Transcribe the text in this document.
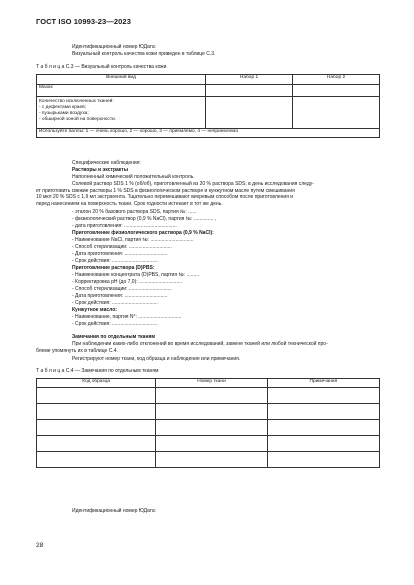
ГОСТ ISO 10993-23—2023
Идентификационный номер ЮДата:
Визуальный контроль качества кожи приведен в таблице С.3.
Т а б л и ц а С.3 — Визуальный контроль качества кожи
Внешний вид	Набор 1	Набор 2
Мазок		
Количество исключенных тканей:
- с дефектами краев;
- пузырьками воздуха;
- обширной зоной на поверхности.		
Используйте баллы: 1 — очень хорошо, 2 — хорошо, 3 — приемлемо, 4 — неприемлемо		
Специфические наблюдения:
Растворы и экстракты
Наполненный химический положительный контроль.
Солевой раствор SDS 1 % (об/об), приготовленный из 20 % раствора SDS: в день исследования следу-
ет приготовить свежие растворы 1 % SDS в физиологическом растворе и кунжутном масле путем смешивания
10 мкл 20 % SDS с 1,9 мл экстрагента. Тщательно перемешивают вихревым способом после приготовления и
перед нанесением на поверхность ткани. Срок годности истекает в тот же день.
- эталон 20 % базового раствора SDS, партия №: ......
- физиологический раствор (0,9 % NaCl), партия №: .............. ,
- дата приготовления: ......................................
Приготовление физиологического раствора (0,9 % NaCl):
- Наименование NaCl, партия №: ...............................
- Способ стерилизации: ...............................
- Дата приготовления: ...............................
- Срок действия: .................................
Приготовление раствора (D)PBS:
- Наименование концентрата (D)PBS, партия №: .........
- Корректировка pH (до 7,0): ...............................
- Способ стерилизации: ...............................
- Дата приготовления: ...............................
- Срок действия: .................................
Кунжутное масло:
- Наименование, партия N°: ...............................
- Срок действия: .................................
Замечания по отдельным тканям
При наблюдении каких-либо отклонений во время исследований, замене тканей или любой технической про-
блеме упомянуть их в таблице С.4.
Регистрируют номер ткани, код образца и наблюдения или примечания.
Т а б л и ц а С.4 — Замечания по отдельным тканям
Код образца	Номер ткани	Примечания

Идентификационный номер ЮДата:
28
